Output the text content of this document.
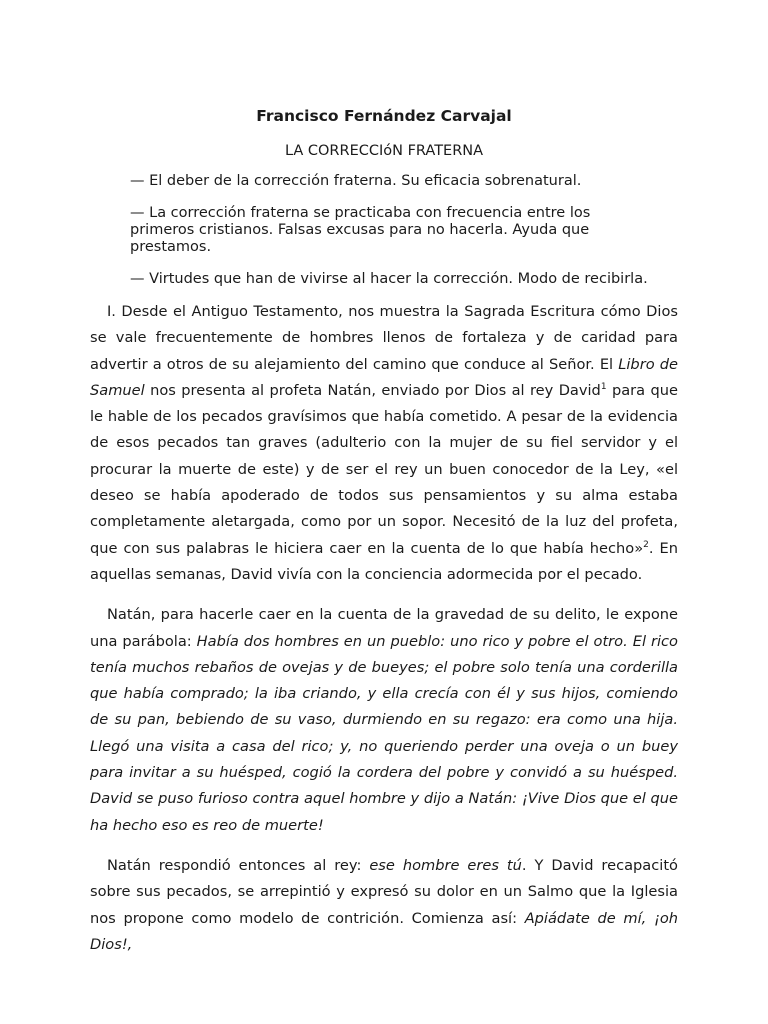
Francisco Fernández Carvajal
LA CORRECCIóN FRATERNA
— El deber de la corrección fraterna. Su eficacia sobrenatural.
— La corrección fraterna se practicaba con frecuencia entre los primeros cristianos. Falsas excusas para no hacerla. Ayuda que prestamos.
— Virtudes que han de vivirse al hacer la corrección. Modo de recibirla.

I. Desde el Antiguo Testamento, nos muestra la Sagrada Escritura cómo Dios se vale frecuentemente de hombres llenos de fortaleza y de caridad para advertir a otros de su alejamiento del camino que conduce al Señor. El Libro de Samuel nos presenta al profeta Natán, enviado por Dios al rey David$^1$ para que le hable de los pecados gravísimos que había cometido. A pesar de la evidencia de esos pecados tan graves (adulterio con la mujer de su fiel servidor y el procurar la muerte de este) y de ser el rey un buen conocedor de la Ley, «el deseo se había apoderado de todos sus pensamientos y su alma estaba completamente aletargada, como por un sopor. Necesitó de la luz del profeta, que con sus palabras le hiciera caer en la cuenta de lo que había hecho»$^2$. En aquellas semanas, David vivía con la conciencia adormecida por el pecado.

Natán, para hacerle caer en la cuenta de la gravedad de su delito, le expone una parábola: Había dos hombres en un pueblo: uno rico y pobre el otro. El rico tenía muchos rebaños de ovejas y de bueyes; el pobre solo tenía una corderilla que había comprado; la iba criando, y ella crecía con él y sus hijos, comiendo de su pan, bebiendo de su vaso, durmiendo en su regazo: era como una hija. Llegó una visita a casa del rico; y, no queriendo perder una oveja o un buey para invitar a su huésped, cogió la cordera del pobre y convidó a su huésped. David se puso furioso contra aquel hombre y dijo a Natán: ¡Vive Dios que el que ha hecho eso es reo de muerte!

Natán respondió entonces al rey: ese hombre eres tú. Y David recapacitó sobre sus pecados, se arrepintió y expresó su dolor en un Salmo que la Iglesia nos propone como modelo de contrición. Comienza así: Apiádate de mí, ¡oh Dios!,
